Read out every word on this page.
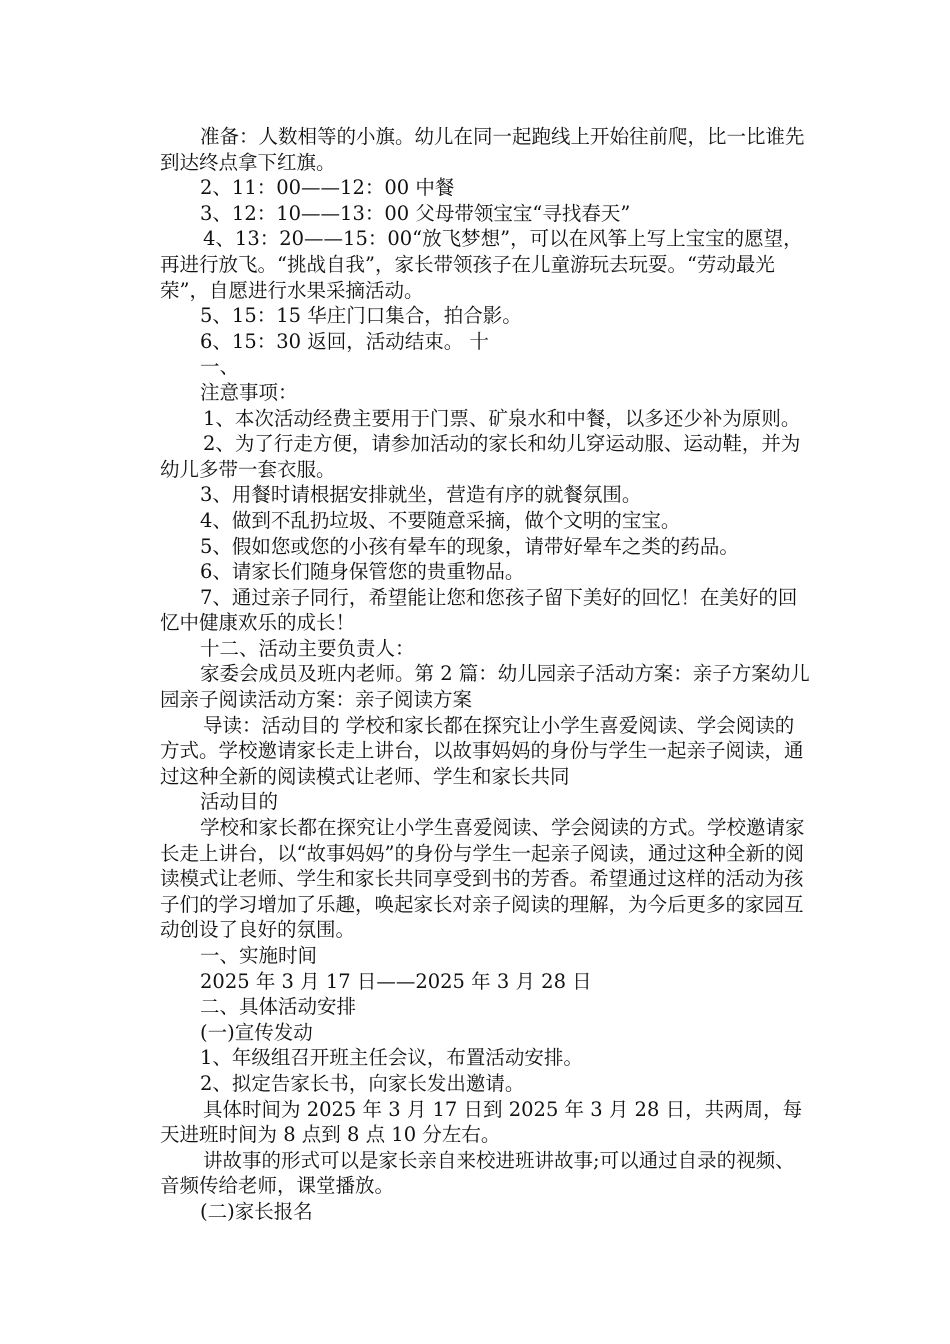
准备：人数相等的小旗。幼儿在同一起跑线上开始往前爬，比一比谁先到达终点拿下红旗。

2、11：00——12：00 中餐

3、12：10——13：00 父母带领宝宝“寻找春天”

4、13：20——15：00“放飞梦想”，可以在风筝上写上宝宝的愿望，再进行放飞。“挑战自我”，家长带领孩子在儿童游玩去玩耍。“劳动最光荣”，自愿进行水果采摘活动。

5、15：15 华庄门口集合，拍合影。

6、15：30 返回，活动结束。 十

一、

注意事项：

1、本次活动经费主要用于门票、矿泉水和中餐，以多还少补为原则。

2、为了行走方便，请参加活动的家长和幼儿穿运动服、运动鞋，并为幼儿多带一套衣服。

3、用餐时请根据安排就坐，营造有序的就餐氛围。

4、做到不乱扔垃圾、不要随意采摘，做个文明的宝宝。

5、假如您或您的小孩有晕车的现象，请带好晕车之类的药品。

6、请家长们随身保管您的贵重物品。

7、通过亲子同行，希望能让您和您孩子留下美好的回忆！在美好的回忆中健康欢乐的成长！

十二、活动主要负责人：

家委会成员及班内老师。第 2 篇：幼儿园亲子活动方案：亲子方案幼儿园亲子阅读活动方案：亲子阅读方案

导读：活动目的 学校和家长都在探究让小学生喜爱阅读、学会阅读的方式。学校邀请家长走上讲台，以故事妈妈的身份与学生一起亲子阅读，通过这种全新的阅读模式让老师、学生和家长共同

活动目的

学校和家长都在探究让小学生喜爱阅读、学会阅读的方式。学校邀请家长走上讲台，以“故事妈妈”的身份与学生一起亲子阅读，通过这种全新的阅读模式让老师、学生和家长共同享受到书的芳香。希望通过这样的活动为孩子们的学习增加了乐趣，唤起家长对亲子阅读的理解，为今后更多的家园互动创设了良好的氛围。

一、实施时间

2025 年 3 月 17 日——2025 年 3 月 28 日

二、具体活动安排

(一)宣传发动

1、年级组召开班主任会议，布置活动安排。

2、拟定告家长书，向家长发出邀请。

具体时间为 2025 年 3 月 17 日到 2025 年 3 月 28 日，共两周，每天进班时间为 8 点到 8 点 10 分左右。

讲故事的形式可以是家长亲自来校进班讲故事;可以通过自录的视频、音频传给老师，课堂播放。

(二)家长报名
